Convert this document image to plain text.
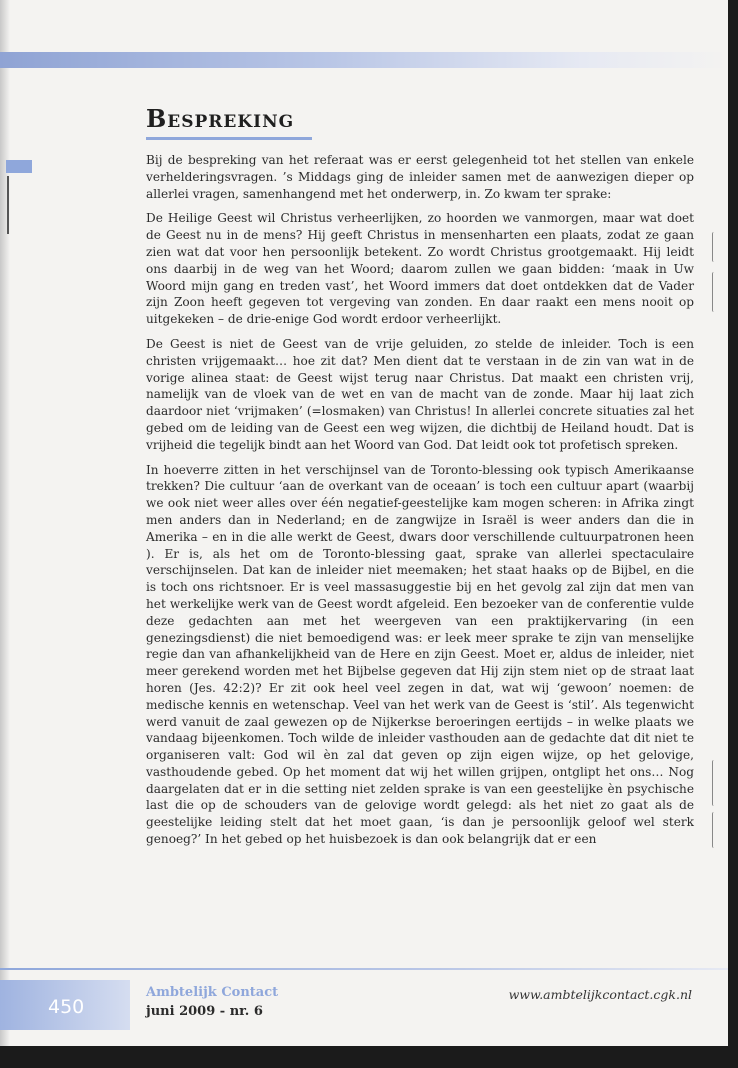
Bespreking

Bij de bespreking van het referaat was er eerst gelegenheid tot het stellen van enkele verhelderingsvragen. ’s Middags ging de inleider samen met de aanwezigen dieper op allerlei vragen, samenhangend met het onderwerp, in. Zo kwam ter sprake:

De Heilige Geest wil Christus verheerlijken, zo hoorden we vanmorgen, maar wat doet de Geest nu in de mens? Hij geeft Christus in mensenharten een plaats, zodat ze gaan zien wat dat voor hen persoonlijk betekent. Zo wordt Christus grootgemaakt. Hij leidt ons daarbij in de weg van het Woord; daarom zullen we gaan bidden: ‘maak in Uw Woord mijn gang en treden vast’, het Woord immers dat doet ontdekken dat de Vader zijn Zoon heeft gegeven tot vergeving van zonden. En daar raakt een mens nooit op uitgekeken – de drie-enige God wordt erdoor verheerlijkt.

De Geest is niet de Geest van de vrije geluiden, zo stelde de inleider. Toch is een christen vrijgemaakt… hoe zit dat? Men dient dat te verstaan in de zin van wat in de vorige alinea staat: de Geest wijst terug naar Christus. Dat maakt een christen vrij, namelijk van de vloek van de wet en van de macht van de zonde. Maar hij laat zich daardoor niet ‘vrijmaken’ (=losmaken) van Christus! In allerlei concrete situaties zal het gebed om de leiding van de Geest een weg wijzen, die dichtbij de Heiland houdt. Dat is vrijheid die tegelijk bindt aan het Woord van God. Dat leidt ook tot profetisch spreken.

In hoeverre zitten in het verschijnsel van de Toronto-blessing ook typisch Amerikaanse trekken? Die cultuur ‘aan de overkant van de oceaan’ is toch een cultuur apart (waarbij we ook niet weer alles over één negatief-geestelijke kam mogen scheren: in Afrika zingt men anders dan in Nederland; en de zangwijze in Israël is weer anders dan die in Amerika – en in die alle werkt de Geest, dwars door verschillende cultuurpatronen heen ). Er is, als het om de Toronto-blessing gaat, sprake van allerlei spectaculaire verschijnselen. Dat kan de inleider niet meemaken; het staat haaks op de Bijbel, en die is toch ons richtsnoer. Er is veel massasuggestie bij en het gevolg zal zijn dat men van het werkelijke werk van de Geest wordt afgeleid. Een bezoeker van de conferentie vulde deze gedachten aan met het weergeven van een praktijkervaring (in een genezingsdienst) die niet bemoedigend was: er leek meer sprake te zijn van menselijke regie dan van afhankelijkheid van de Here en zijn Geest. Moet er, aldus de inleider, niet meer gerekend worden met het Bijbelse gegeven dat Hij zijn stem niet op de straat laat horen (Jes. 42:2)? Er zit ook heel veel zegen in dat, wat wij ‘gewoon’ noemen: de medische kennis en wetenschap. Veel van het werk van de Geest is ‘stil’. Als tegenwicht werd vanuit de zaal gewezen op de Nijkerkse beroeringen eertijds – in welke plaats we vandaag bijeenkomen. Toch wilde de inleider vasthouden aan de gedachte dat dit niet te organiseren valt: God wil èn zal dat geven op zijn eigen wijze, op het gelovige, vasthoudende gebed. Op het moment dat wij het willen grijpen, ontglipt het ons… Nog daargelaten dat er in die setting niet zelden sprake is van een geestelijke èn psychische last die op de schouders van de gelovige wordt gelegd: als het niet zo gaat als de geestelijke leiding stelt dat het moet gaan, ‘is dan je persoonlijk geloof wel sterk genoeg?’ In het gebed op het huisbezoek is dan ook belangrijk dat er een

450
Ambtelijk Contact
juni 2009 - nr. 6
www.ambtelijkcontact.cgk.nl
